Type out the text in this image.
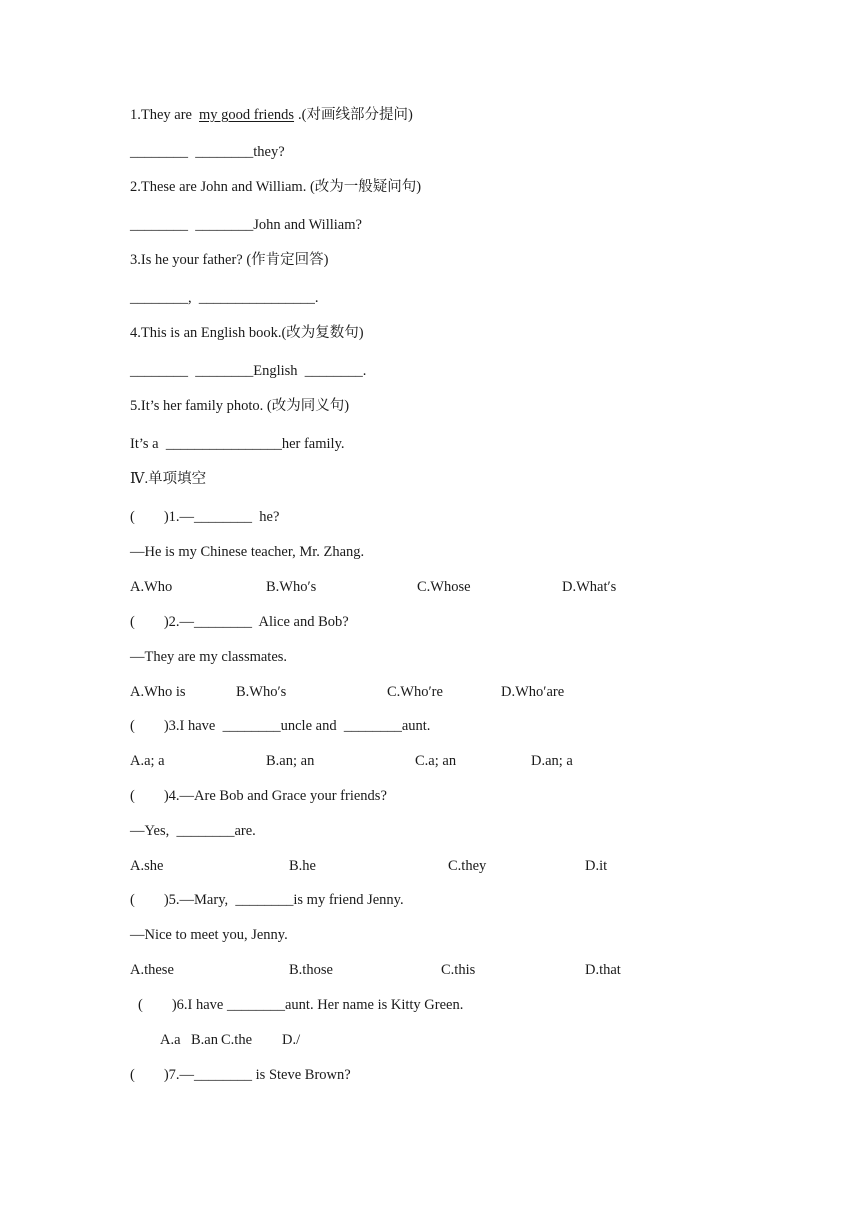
1.They are my good friends .(对画线部分提问)
________  ________they?
2.These are John and William. (改为一般疑问句)
________  ________John and William?
3.Is he your father? (作肯定回答)
________,  ________________.
4.This is an English book.(改为复数句)
________  ________English  ________.
5.It’s her family photo. (改为同义句)
It’s a  ________________her family.
Ⅳ.单项填空
(        )1.—________  he?
—He is my Chinese teacher, Mr. Zhang.

A.Who

	B.Who′s

	C.Whose

	D.What′s

(        )2.—________  Alice and Bob?
—They are my classmates.

A.Who is

	B.Who′s

	C.Who′re

	D.Who′are

(        )3.I have  ________uncle and  ________aunt.

A.a; a

	B.an; an

	C.a; an

	D.an; a

(        )4.—Are Bob and Grace your friends?
—Yes,  ________are.

A.she

	B.he

	C.they

	D.it

(        )5.—Mary,  ________is my friend Jenny.
—Nice to meet you, Jenny.

A.these

	B.those

	C.this

	D.that

(        )6.I have ________aunt. Her name is Kitty Green.

A.a

B.an

C.the

D./

(        )7.—________ is Steve Brown?
